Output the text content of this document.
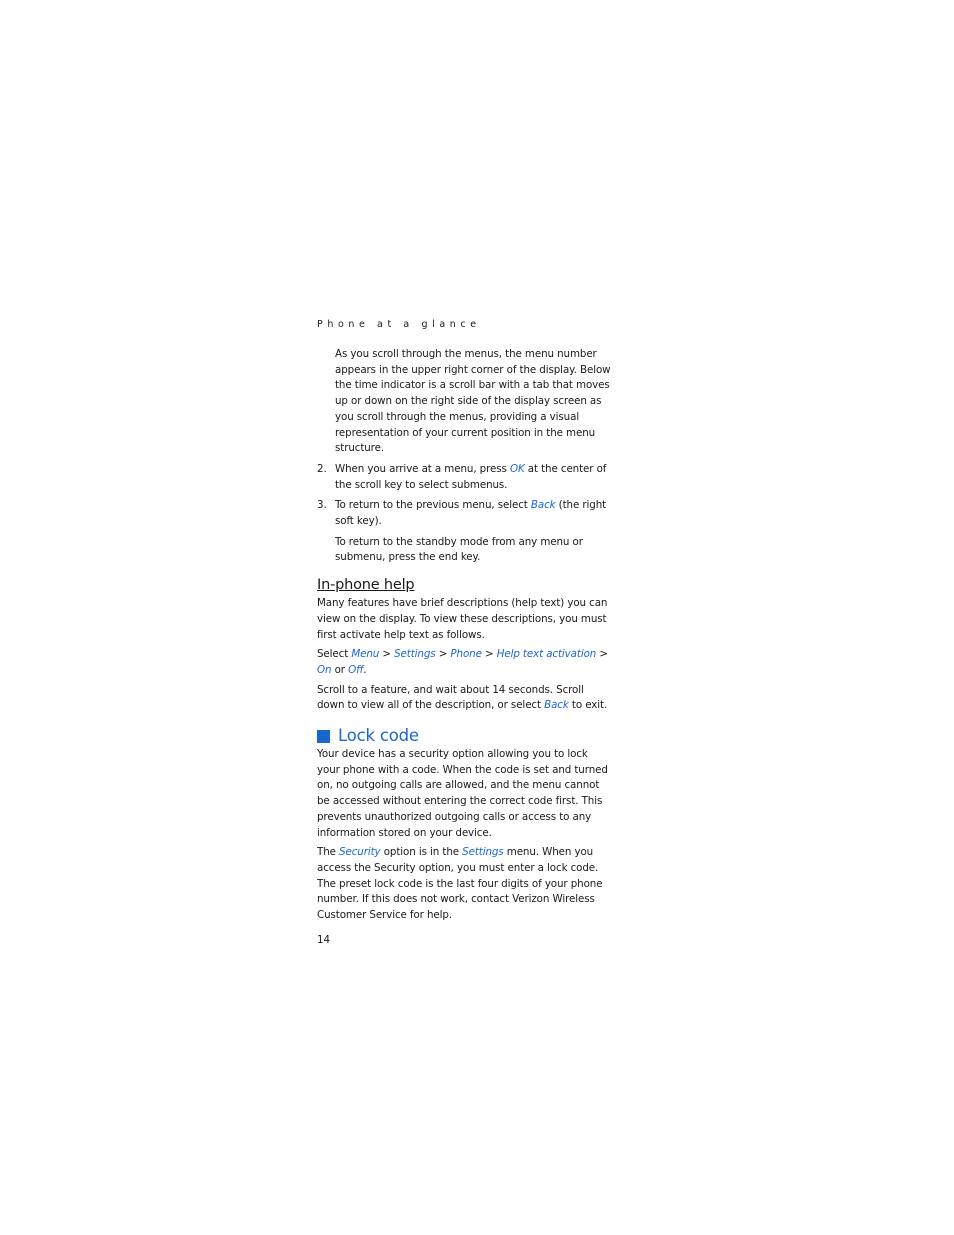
Phone at a glance

As you scroll through the menus, the menu number appears in the upper right corner of the display. Below the time indicator is a scroll bar with a tab that moves up or down on the right side of the display screen as you scroll through the menus, providing a visual representation of your current position in the menu structure.

2. When you arrive at a menu, press OK at the center of the scroll key to select submenus.

3. To return to the previous menu, select Back (the right soft key).

To return to the standby mode from any menu or submenu, press the end key.

In-phone help

Many features have brief descriptions (help text) you can view on the display. To view these descriptions, you must first activate help text as follows.

Select Menu > Settings > Phone > Help text activation > On or Off.

Scroll to a feature, and wait about 14 seconds. Scroll down to view all of the description, or select Back to exit.

Lock code

Your device has a security option allowing you to lock your phone with a code. When the code is set and turned on, no outgoing calls are allowed, and the menu cannot be accessed without entering the correct code first. This prevents unauthorized outgoing calls or access to any information stored on your device.

The Security option is in the Settings menu. When you access the Security option, you must enter a lock code. The preset lock code is the last four digits of your phone number. If this does not work, contact Verizon Wireless Customer Service for help.

14
